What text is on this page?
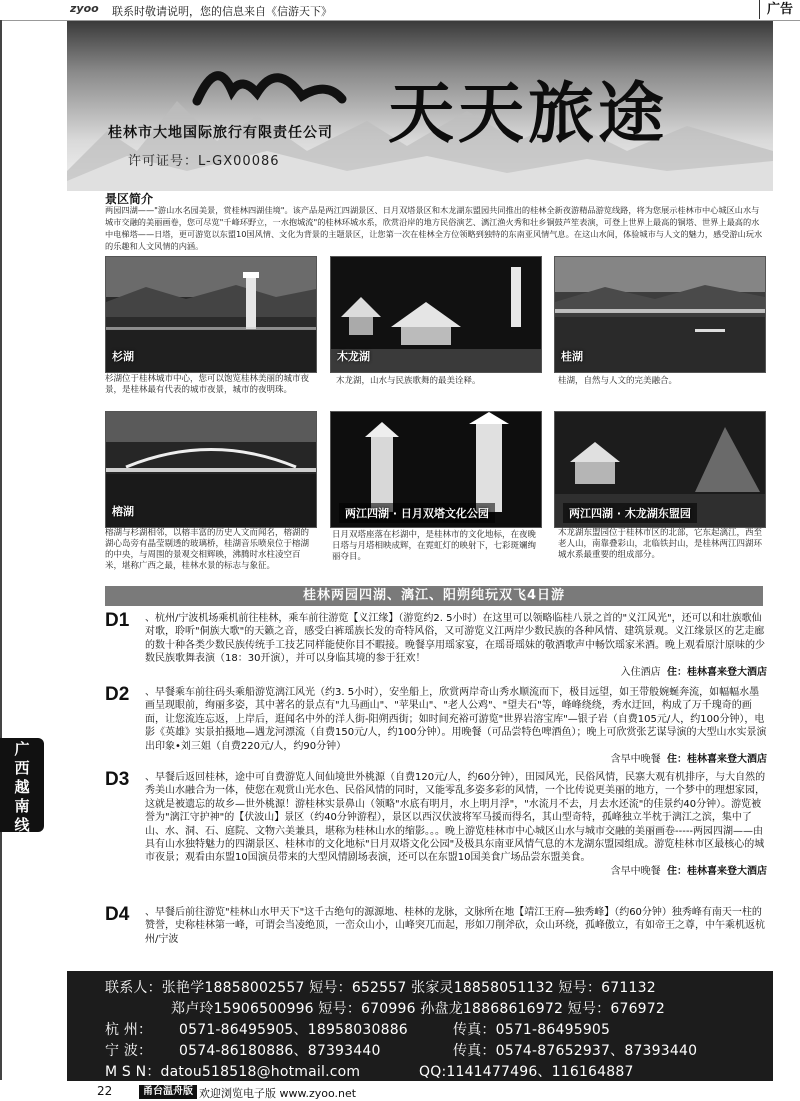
zyoo 联系时敬请说明，您的信息来自《信游天下》	广告
广
西
越
南
线
桂林市大地国际旅行有限责任公司
许可证号：L-GX00086
天天旅途
景区简介
两园四湖——"游山水名园美景，赏桂林四湖佳境"。该产品是两江四湖景区、日月双塔景区和木龙湖东盟园共同推出的桂林全新夜游精品游览线路，将为您展示桂林市中心城区山水与城市交融的美丽画卷，您可尽览"千峰环野立，一水抱城流"的桂林环城水系，欣赏沿岸的地方民俗演艺、漓江渔火秀和壮乡铜鼓芦笙表演，可登上世界上最高的铜塔、世界上最高的水中电梯塔——日塔，更可游览以东盟10国风情、文化为背景的主题景区，让您第一次在桂林全方位领略到独特的东南亚风情气息。在这山水间，体验城市与人文的魅力，感受游山玩水的乐趣和人文风情的内涵。
杉湖
杉湖位于桂林城市中心，您可以饱览桂林美丽的城市夜景，是桂林最有代表的城市夜景，城市的夜明珠。
木龙湖
木龙湖，山水与民族歌舞的最美诠释。
桂湖
桂湖，自然与人文的完美融合。
榕湖
榕湖与杉湖相邻，以榕丰富的历史人文而闻名，榕湖的湖心岛旁有晶莹剔透的玻璃桥，桂湖音乐喷泉位于榕湖的中央，与周围的景观交相辉映，沸腾时水柱凌空百米，堪称广西之最，桂林水景的标志与象征。
两江四湖 · 日月双塔文化公园
日月双塔座落在杉湖中，是桂林市的文化地标，在夜晚日塔与月塔相映成辉，在霓虹灯的映射下，七彩斑斓绚丽夺目。
两江四湖 · 木龙湖东盟园
木龙湖东盟园位于桂林市区的北部，它东起漓江，西至老人山，南靠叠彩山，北临铁封山，是桂林两江四湖环城水系最重要的组成部分。
桂林两园四湖、漓江、阳朔纯玩双飞4日游
D1 、杭州/宁波机场乘机前往桂林，乘车前往游览【义江缘】（游览约2. 5小时）在这里可以领略临桂八景之首的"义江风光"，还可以和壮族歌仙对歌，聆听"侗族大歌"的天籁之音，感受白裤瑶族长发的奇特风俗，又可游览义江两岸少数民族的各种风情、建筑景观。义江缘景区的艺走廊的数十种各类少数民族传统手工技艺同样能使你目不暇接。晚餐享用瑶家宴，在瑶哥瑶妹的敬酒歌声中畅饮瑶家米酒。晚上观看原汁原味的少数民族歌舞表演（18：30开演），并可以身临其境的参于狂欢！
入住酒店 住：桂林喜来登大酒店
D2 、早餐乘车前往码头乘船游览漓江风光（约3. 5小时），安坐船上，欣赏两岸奇山秀水顺流而下，极目远望，如王带般婉蜒奔流，如幅幅水墨画呈现眼前，绚丽多姿，其中著名的景点有"九马画山"、"苹果山"、"老人公鸡"、"望夫石"等，峰峰绕绕，秀水迂回，构成了万千瑰奇的画面，让您流连忘返，上岸后，逛闻名中外的洋人街-阳朔西街；如时间充裕可游览"世界岩溶宝库"—银子岩（自费105元/人，约100分钟），电影《英雄》实景拍摄地—遇龙河漂流（自费150元/人，约100分钟）。用晚餐（可品尝特色啤酒鱼）；晚上可欣赏张艺谋导演的大型山水实景演出印象•刘三姐（自费220元/人，约90分钟）
含早中晚餐 住：桂林喜来登大酒店
D3 、早餐后返回桂林，途中可自费游览人间仙境世外桃源（自费120元/人，约60分钟），田园风光，民俗风情，民寨大观有机排序，与大自然的秀美山水融合为一体，使您在观赏山光水色、民俗风情的同时，又能零乱多姿多彩的风情，一个比传说更美丽的地方，一个梦中的理想家园，这就是被遗忘的故乡—世外桃源！游桂林实景鼻山（领略"水底有明月，水上明月浮"，"水流月不去，月去水还流"的佳景约40分钟）。游览被誉为"漓江守护神"的【伏波山】景区（约40分钟游程），景区以西汉伏波将军马援而得名，其山型奇特，孤峰独立半枕于漓江之滨，集中了山、水、洞、石、庭院、文物六美兼具，堪称为桂林山水的缩影。。。晚上游览桂林市中心城区山水与城市交融的美丽画卷-----两园四湖——由具有山水独特魅力的四湖景区、桂林市的文化地标"日月双塔文化公园"及极具东南亚风情气息的木龙湖东盟园组成。游览桂林市区最核心的城市夜景；观看由东盟10国演员带来的大型风情剧场表演，还可以在东盟10国美食广场品尝东盟美食。
含早中晚餐 住：桂林喜来登大酒店
D4 、早餐后前往游览"桂林山水甲天下"这千古绝句的源源地、桂林的龙脉，文脉所在地【靖江王府—独秀峰】（约60分钟）独秀峰有南天一柱的赞誉，史称桂林第一峰，可谓会当凌绝顶，一峦众山小，山峰突兀而起，形如刀削斧砍，众山环绕，孤峰傲立，有如帝王之尊，中午乘机返杭州/宁波
联系人：张艳学18858002557 短号：652557 张家灵18858051132 短号：671132
郑卢玲15906500996 短号：670996 孙盘龙18868616972 短号：676972
杭 州： 0571-86495905、18958030886	传真：0571-86495905
宁 波： 0574-86180886、87393440	传真：0574-87652937、87393440
M S N：datou518518@hotmail.com	QQ:1141477496、116164887
22	甬台温舟版 欢迎浏览电子版 www.zyoo.net
